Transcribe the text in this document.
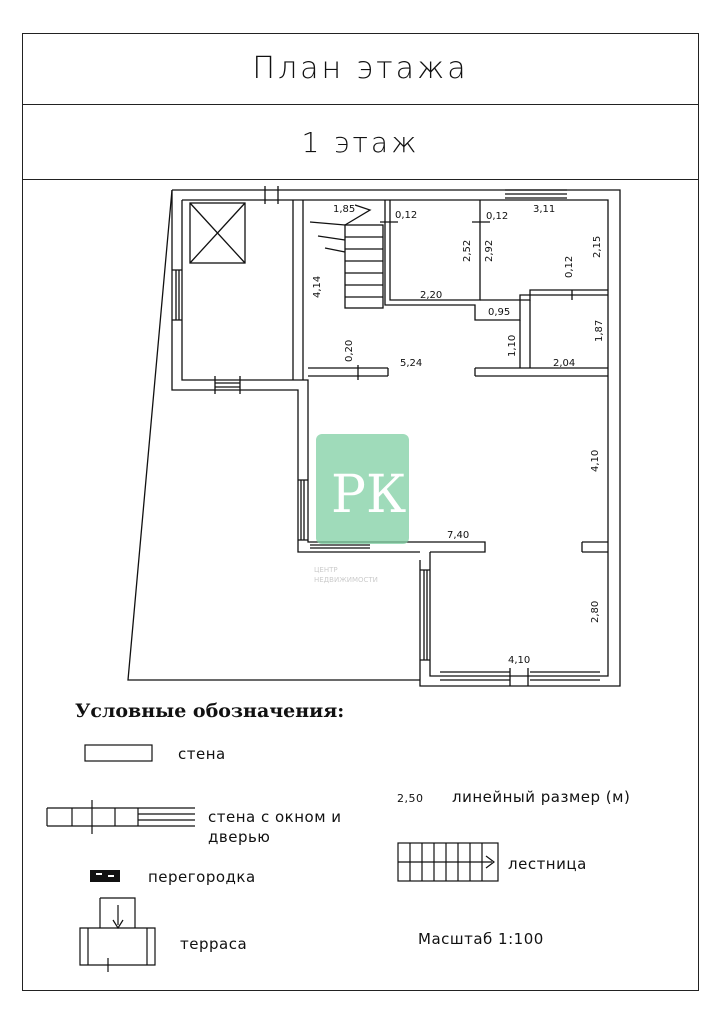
План этажа
1 этаж
1,85
0,12	0,12
3,11
2,52 2,92	2,15
0,12
4,14	2,20
0,95
1,10
1,87
0,20
5,24	2,04
4,10
7,40
2,80
4,10
РК
ЦЕНТР
НЕДВИЖИМОСТИ
Условные обозначения:
стена
стена с окном и
дверью
перегородка
терраса
2,50 линейный размер (м)
лестница
Масштаб 1:100
